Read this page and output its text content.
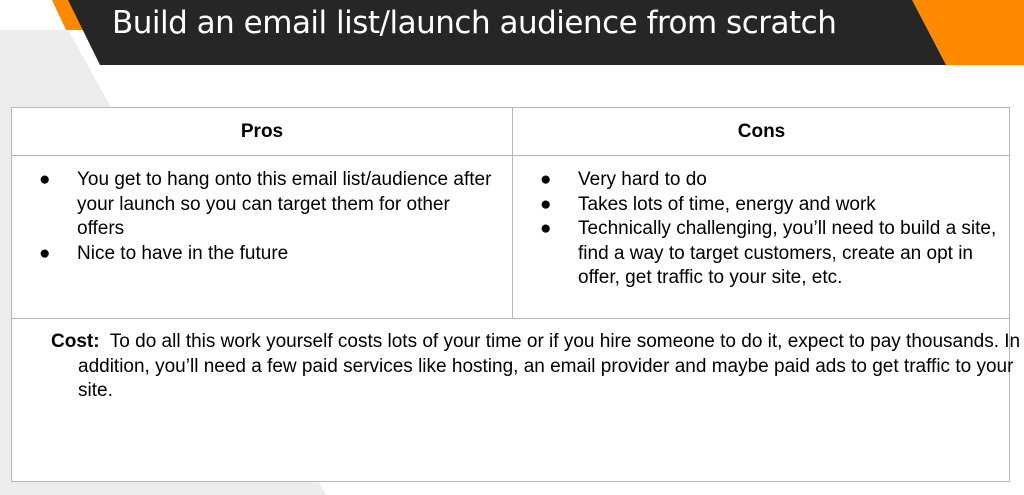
Build an email list/launch audience from scratch
Pros	Cons
● You get to hang onto this email list/audience after your launch so you can target them for other offers
● Nice to have in the future
● Very hard to do
● Takes lots of time, energy and work
● Technically challenging, you’ll need to build a site, find a way to target customers, create an opt in offer, get traffic to your site, etc.
Cost: To do all this work yourself costs lots of your time or if you hire someone to do it, expect to pay thousands. In addition, you’ll need a few paid services like hosting, an email provider and maybe paid ads to get traffic to your site.
